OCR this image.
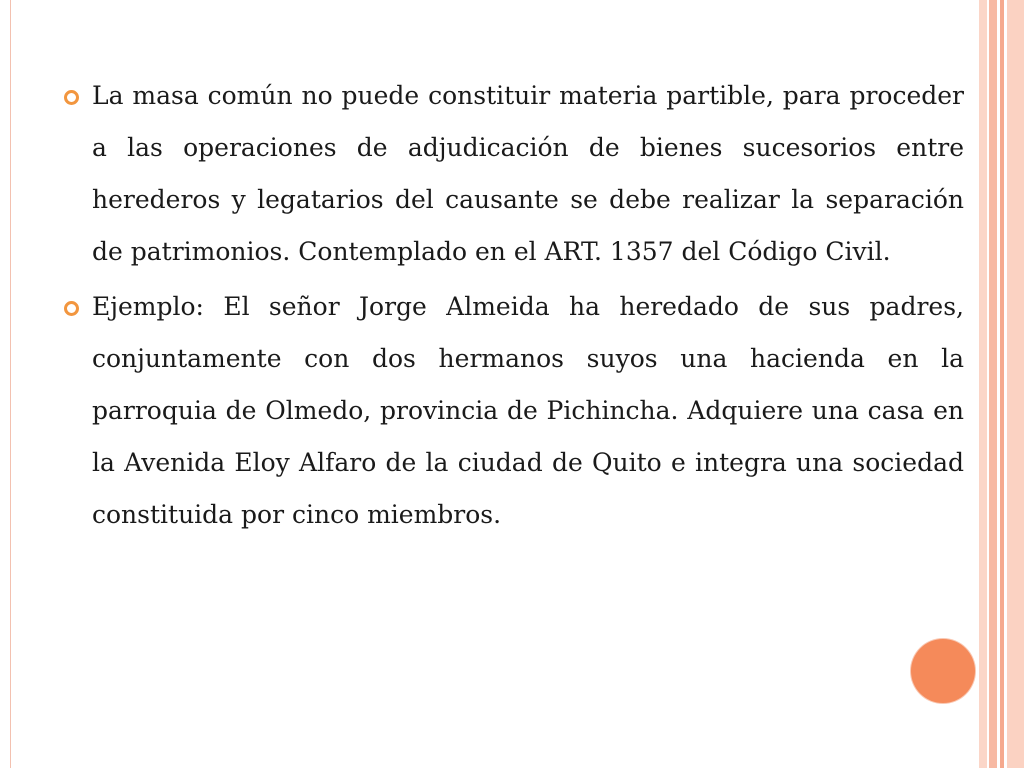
La masa común no puede constituir materia partible, para proceder a las operaciones de adjudicación de bienes sucesorios entre herederos y legatarios del causante se debe realizar la separación de patrimonios. Contemplado en el ART. 1357 del Código Civil.
Ejemplo: El señor Jorge Almeida ha heredado de sus padres, conjuntamente con dos hermanos suyos una hacienda en la parroquia de Olmedo, provincia de Pichincha. Adquiere una casa en la Avenida Eloy Alfaro de la ciudad de Quito e integra una sociedad constituida por cinco miembros.
